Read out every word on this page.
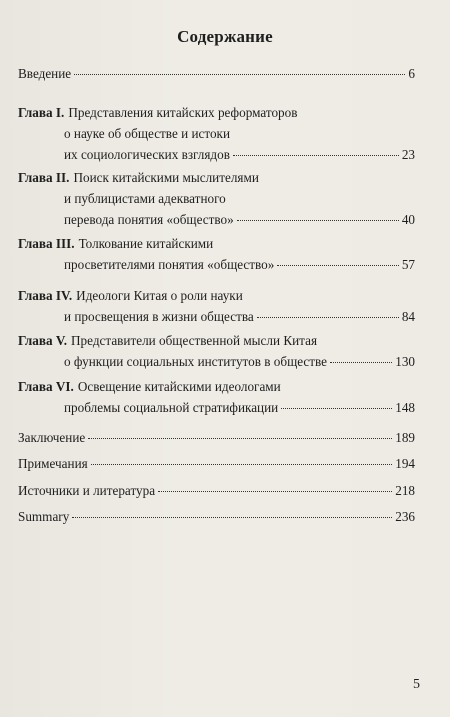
Содержание
Введение	6
Глава I. Представления китайских реформаторов
о науке об обществе и истоки
их социологических взглядов	23
Глава II. Поиск китайскими мыслителями
и публицистами адекватного
перевода понятия «общество»	40
Глава III. Толкование китайскими
просветителями понятия «общество»	57
Глава IV. Идеологи Китая о роли науки
и просвещения в жизни общества	84
Глава V. Представители общественной мысли Китая
о функции социальных институтов в обществе	130
Глава VI. Освещение китайскими идеологами
проблемы социальной стратификации	148
Заключение	189
Примечания	194
Источники и литература	218
Summary	236
5
